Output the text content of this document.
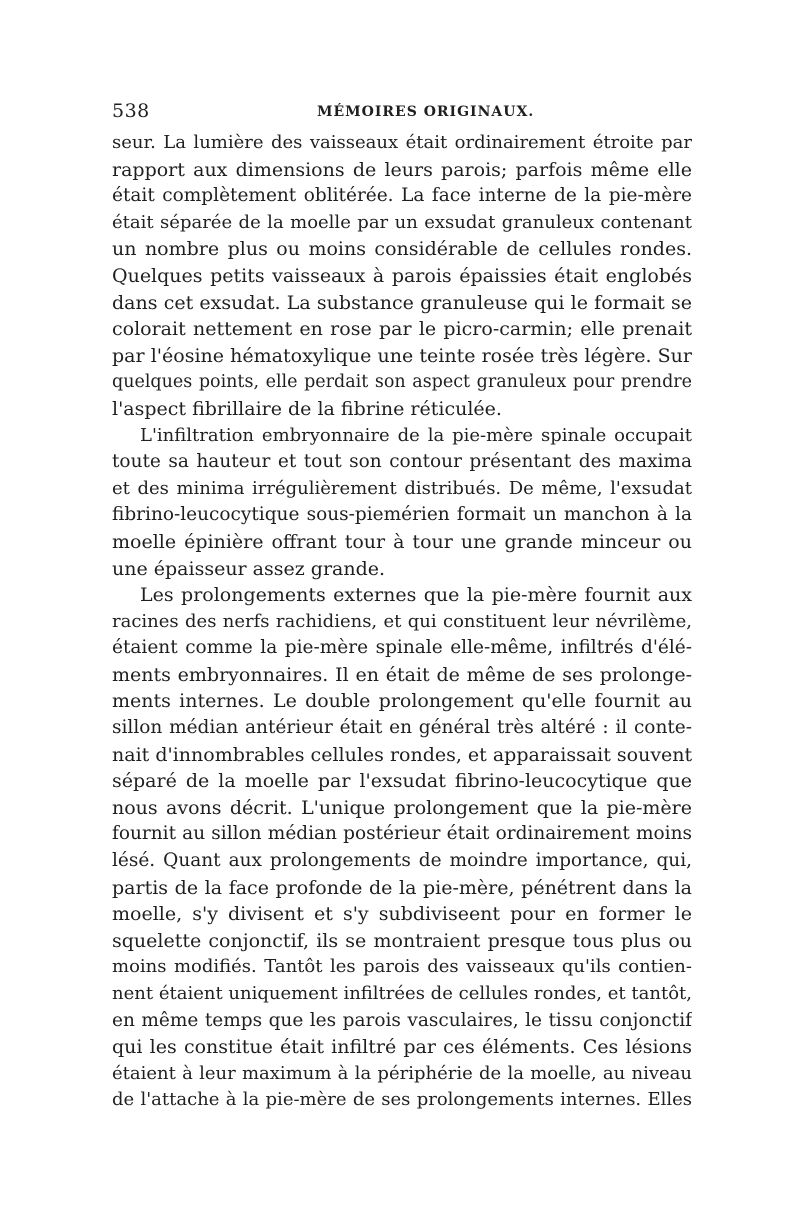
538	MÉMOIRES ORIGINAUX.
seur. La lumière des vaisseaux était ordinairement étroite par
rapport aux dimensions de leurs parois; parfois même elle
était complètement oblitérée. La face interne de la pie-mère
était séparée de la moelle par un exsudat granuleux contenant
un nombre plus ou moins considérable de cellules rondes.
Quelques petits vaisseaux à parois épaissies était englobés
dans cet exsudat. La substance granuleuse qui le formait se
colorait nettement en rose par le picro-carmin; elle prenait
par l'éosine hématoxylique une teinte rosée très légère. Sur
quelques points, elle perdait son aspect granuleux pour prendre
l'aspect fibrillaire de la fibrine réticulée.
L'infiltration embryonnaire de la pie-mère spinale occupait
toute sa hauteur et tout son contour présentant des maxima
et des minima irrégulièrement distribués. De même, l'exsudat
fibrino-leucocytique sous-piemérien formait un manchon à la
moelle épinière offrant tour à tour une grande minceur ou
une épaisseur assez grande.
Les prolongements externes que la pie-mère fournit aux
racines des nerfs rachidiens, et qui constituent leur névrilème,
étaient comme la pie-mère spinale elle-même, infiltrés d'élé-
ments embryonnaires. Il en était de même de ses prolonge-
ments internes. Le double prolongement qu'elle fournit au
sillon médian antérieur était en général très altéré : il conte-
nait d'innombrables cellules rondes, et apparaissait souvent
séparé de la moelle par l'exsudat fibrino-leucocytique que
nous avons décrit. L'unique prolongement que la pie-mère
fournit au sillon médian postérieur était ordinairement moins
lésé. Quant aux prolongements de moindre importance, qui,
partis de la face profonde de la pie-mère, pénétrent dans la
moelle, s'y divisent et s'y subdiviseent pour en former le
squelette conjonctif, ils se montraient presque tous plus ou
moins modifiés. Tantôt les parois des vaisseaux qu'ils contien-
nent étaient uniquement infiltrées de cellules rondes, et tantôt,
en même temps que les parois vasculaires, le tissu conjonctif
qui les constitue était infiltré par ces éléments. Ces lésions
étaient à leur maximum à la périphérie de la moelle, au niveau
de l'attache à la pie-mère de ses prolongements internes. Elles
